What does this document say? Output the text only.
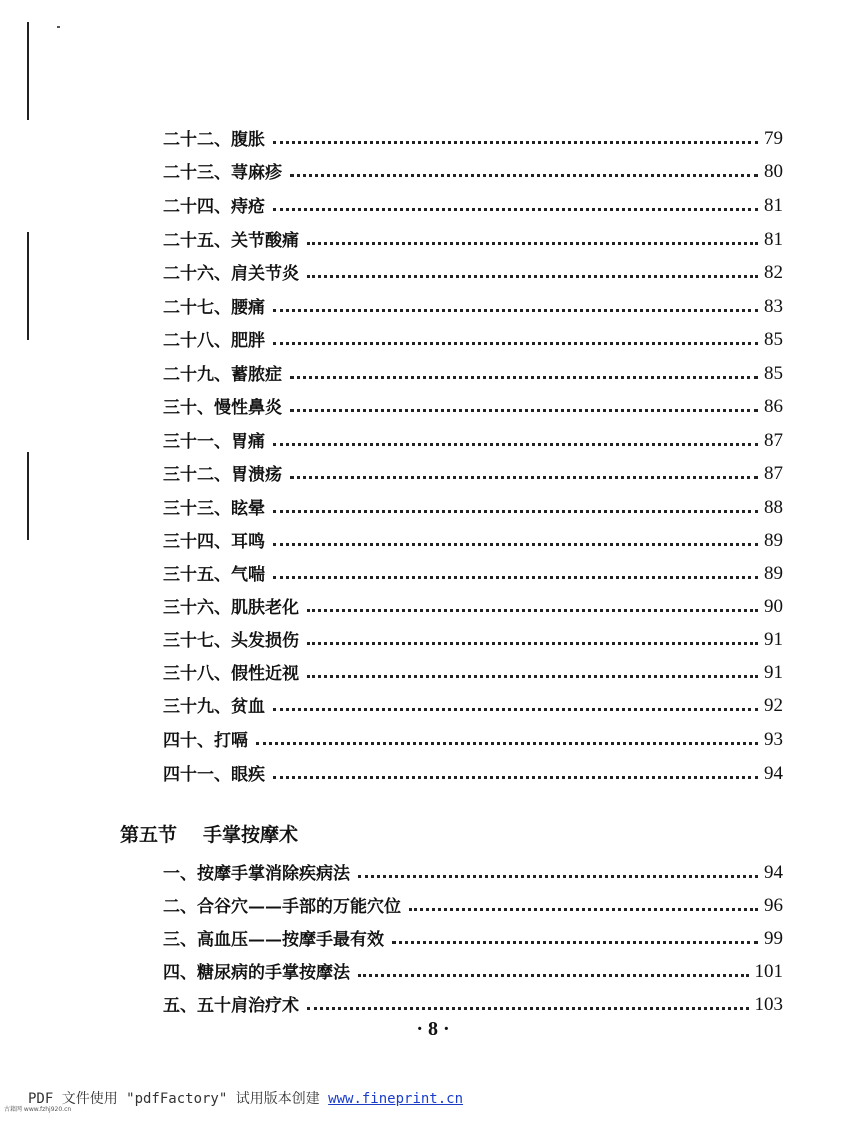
二十二、腹胀	79
二十三、荨麻疹	80
二十四、痔疮	81
二十五、关节酸痛	81
二十六、肩关节炎	82
二十七、腰痛	83
二十八、肥胖	85
二十九、蓄脓症	85
三十、慢性鼻炎	86
三十一、胃痛	87
三十二、胃溃疡	87
三十三、眩晕	88
三十四、耳鸣	89
三十五、气喘	89
三十六、肌肤老化	90
三十七、头发损伤	91
三十八、假性近视	91
三十九、贫血	92
四十、打嗝	93
四十一、眼疾	94
第五节 手掌按摩术
一、按摩手掌消除疾病法	94
二、合谷穴——手部的万能穴位	96
三、高血压——按摩手最有效	99
四、糖尿病的手掌按摩法	101
五、五十肩治疗术	103
· 8 ·
PDF 文件使用 "pdfFactory" 试用版本创建 www.fineprint.cn
古籍网 www.fzhj920.cn
